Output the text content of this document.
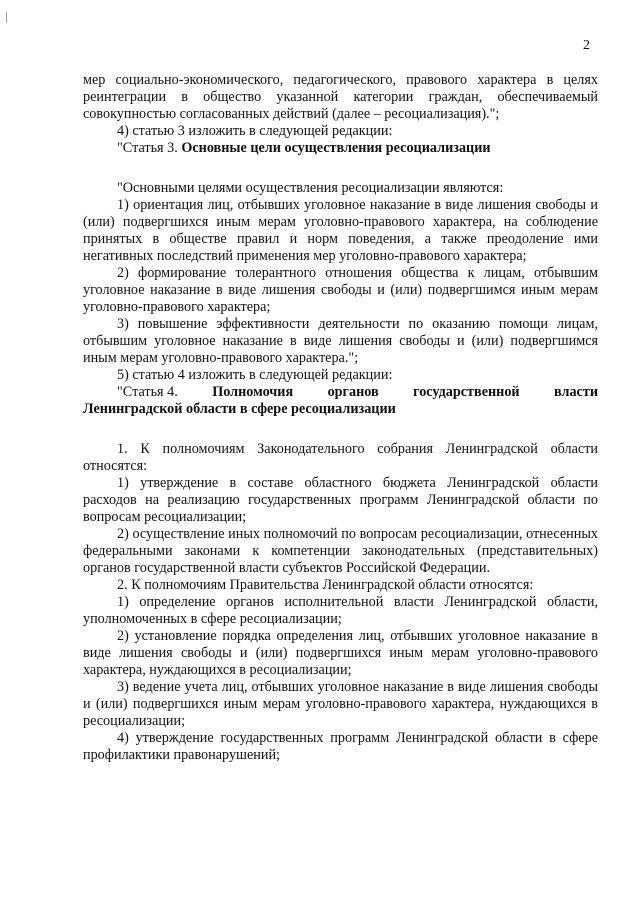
2

мер социально-экономического, педагогического, правового характера в целях реинтеграции в общество указанной категории граждан, обеспечиваемый совокупностью согласованных действий (далее – ресоциализация).";

4) статью 3 изложить в следующей редакции:

"Статья 3. Основные цели осуществления ресоциализации

"Основными целями осуществления ресоциализации являются:

1) ориентация лиц, отбывших уголовное наказание в виде лишения свободы и (или) подвергшихся иным мерам уголовно-правового характера, на соблюдение принятых в обществе правил и норм поведения, а также преодоление ими негативных последствий применения мер уголовно-правового характера;

2) формирование толерантного отношения общества к лицам, отбывшим уголовное наказание в виде лишения свободы и (или) подвергшимся иным мерам уголовно-правового характера;

3) повышение эффективности деятельности по оказанию помощи лицам, отбывшим уголовное наказание в виде лишения свободы и (или) подвергшимся иным мерам уголовно-правового характера.";

5) статью 4 изложить в следующей редакции:

"Статья 4. Полномочия органов государственной власти

Ленинградской области в сфере ресоциализации

1. К полномочиям Законодательного собрания Ленинградской области относятся:

1) утверждение в составе областного бюджета Ленинградской области расходов на реализацию государственных программ Ленинградской области по вопросам ресоциализации;

2) осуществление иных полномочий по вопросам ресоциализации, отнесенных федеральными законами к компетенции законодательных (представительных) органов государственной власти субъектов Российской Федерации.

2. К полномочиям Правительства Ленинградской области относятся:

1) определение органов исполнительной власти Ленинградской области, уполномоченных в сфере ресоциализации;

2) установление порядка определения лиц, отбывших уголовное наказание в виде лишения свободы и (или) подвергшихся иным мерам уголовно-правового характера, нуждающихся в ресоциализации;

3) ведение учета лиц, отбывших уголовное наказание в виде лишения свободы и (или) подвергшихся иным мерам уголовно-правового характера, нуждающихся в ресоциализации;

4) утверждение государственных программ Ленинградской области в сфере профилактики правонарушений;
